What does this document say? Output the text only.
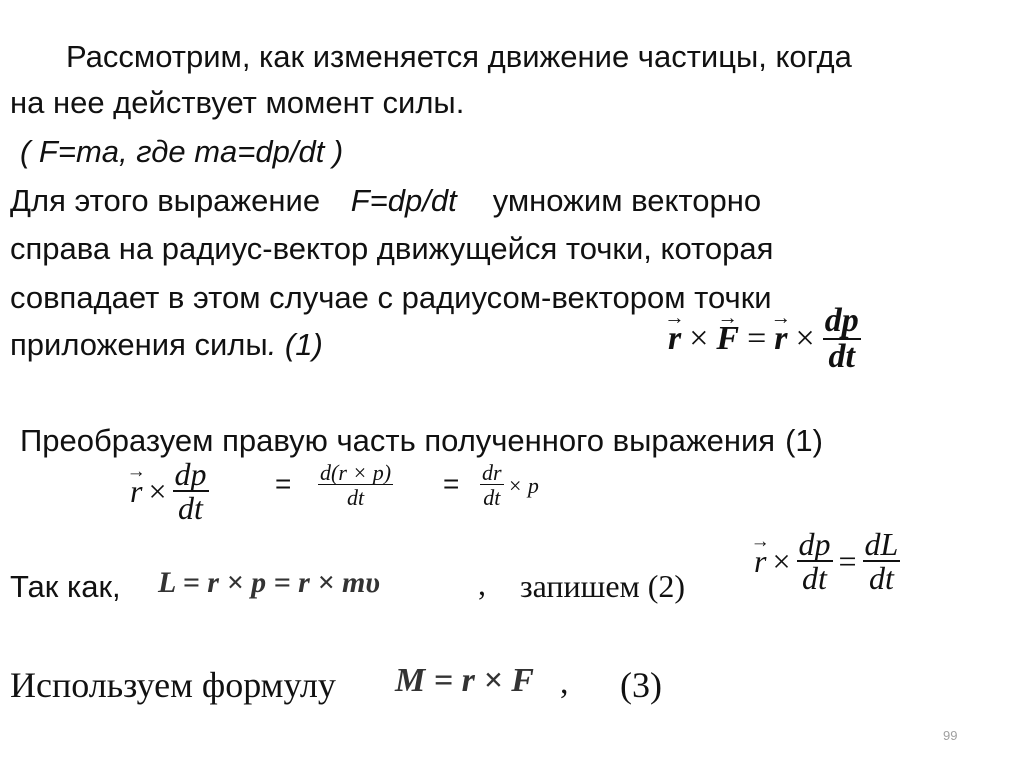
Рассмотрим, как изменяется движение частицы, когда
на нее действует момент силы.
( F=ma, где ma=dp/dt )
Для этого выражение F=dp/dt умножим векторно
справа на радиус-вектор движущейся точки, которая
совпадает в этом случае с радиусом-вектором точки
приложения силы. (1)	→ r × → F = → $r \times \frac{dp}{dt}$
Преобразуем правую часть полученного выражения (1)
→ $r \times \frac{dp}{dt} = \frac{d(r \times p)}{dt} = \frac{dr}{dt} \times p$
Так как, L = r × p = r × mυ	, запишем (2)
→ $r \times \frac{dp}{dt} = \frac{dL}{dt}$
Используем формулу M = r × F , (3)
99
